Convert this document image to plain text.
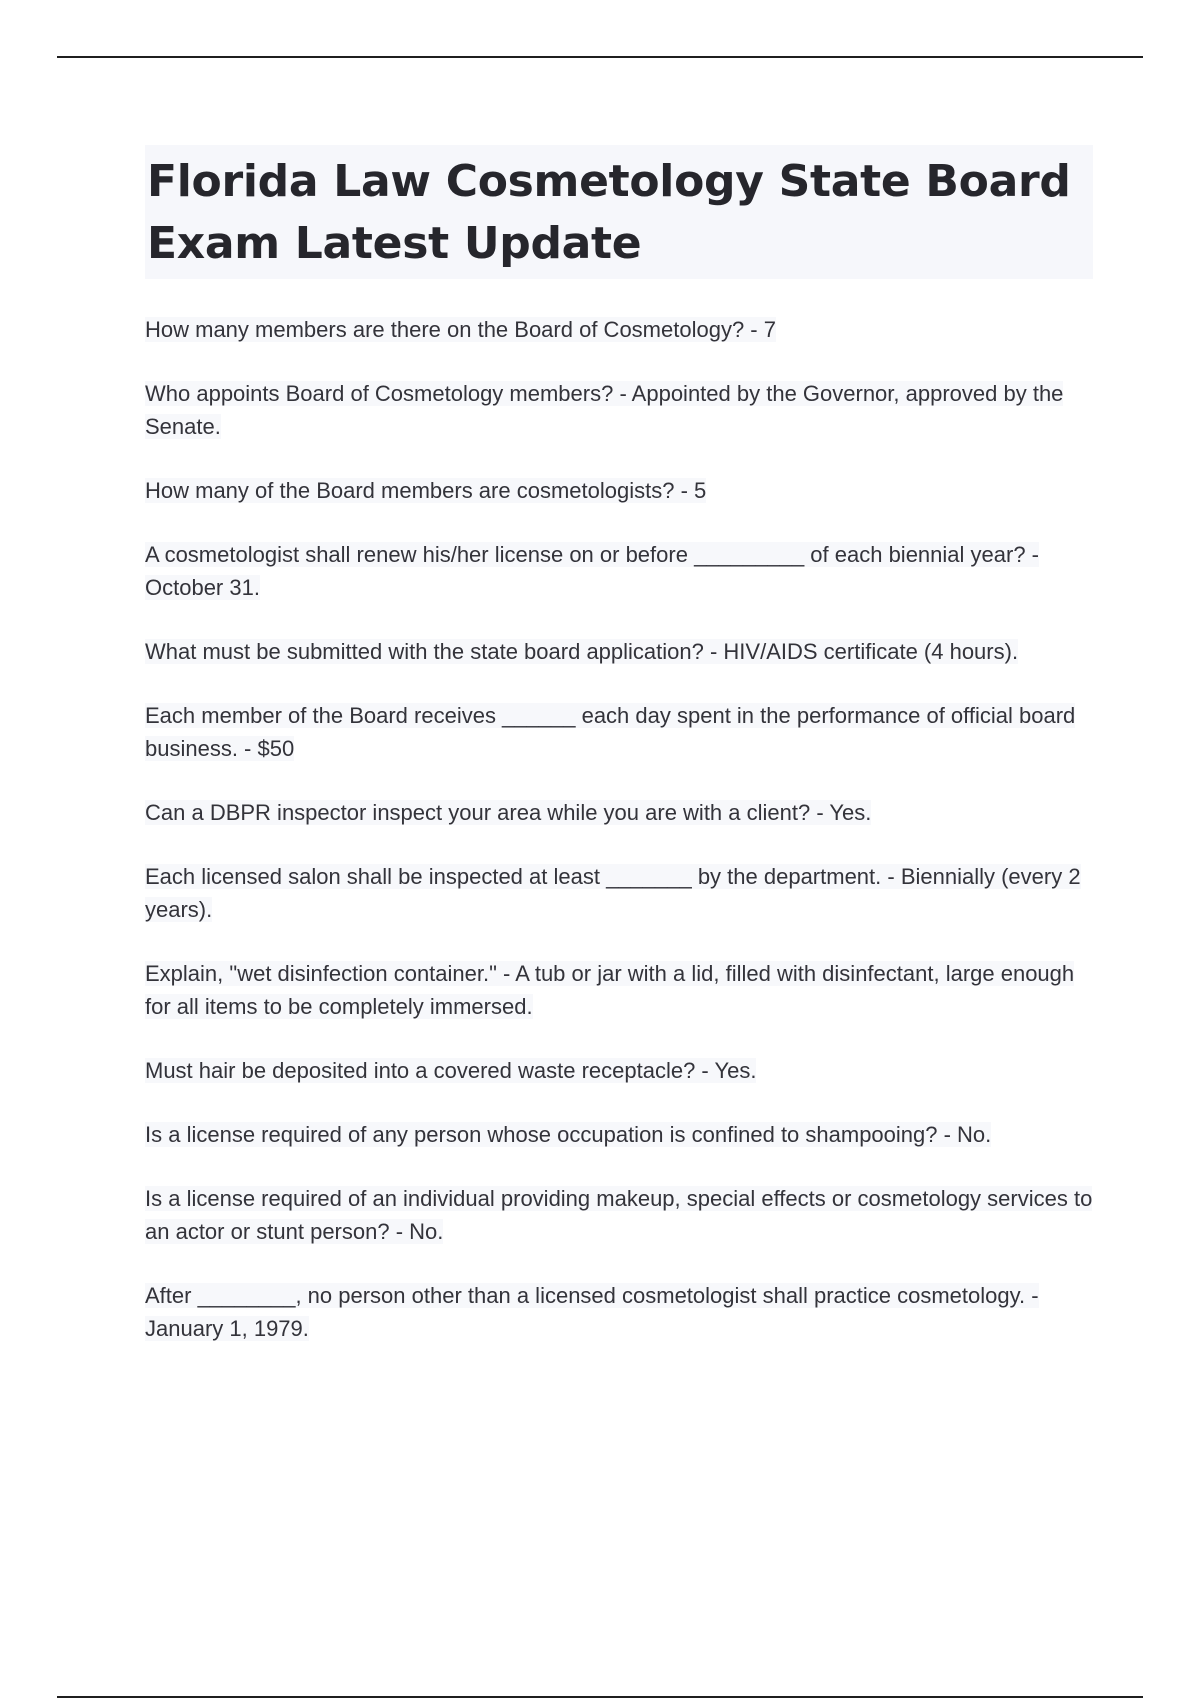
Florida Law Cosmetology State Board Exam Latest Update
How many members are there on the Board of Cosmetology? - 7
Who appoints Board of Cosmetology members? - Appointed by the Governor, approved by the Senate.
How many of the Board members are cosmetologists? - 5
A cosmetologist shall renew his/her license on or before _________ of each biennial year? - October 31.
What must be submitted with the state board application? - HIV/AIDS certificate (4 hours).
Each member of the Board receives ______ each day spent in the performance of official board business. - $50
Can a DBPR inspector inspect your area while you are with a client? - Yes.
Each licensed salon shall be inspected at least _______ by the department. - Biennially (every 2 years).
Explain, "wet disinfection container." - A tub or jar with a lid, filled with disinfectant, large enough for all items to be completely immersed.
Must hair be deposited into a covered waste receptacle? - Yes.
Is a license required of any person whose occupation is confined to shampooing? - No.
Is a license required of an individual providing makeup, special effects or cosmetology services to an actor or stunt person? - No.
After ________, no person other than a licensed cosmetologist shall practice cosmetology. - January 1, 1979.
